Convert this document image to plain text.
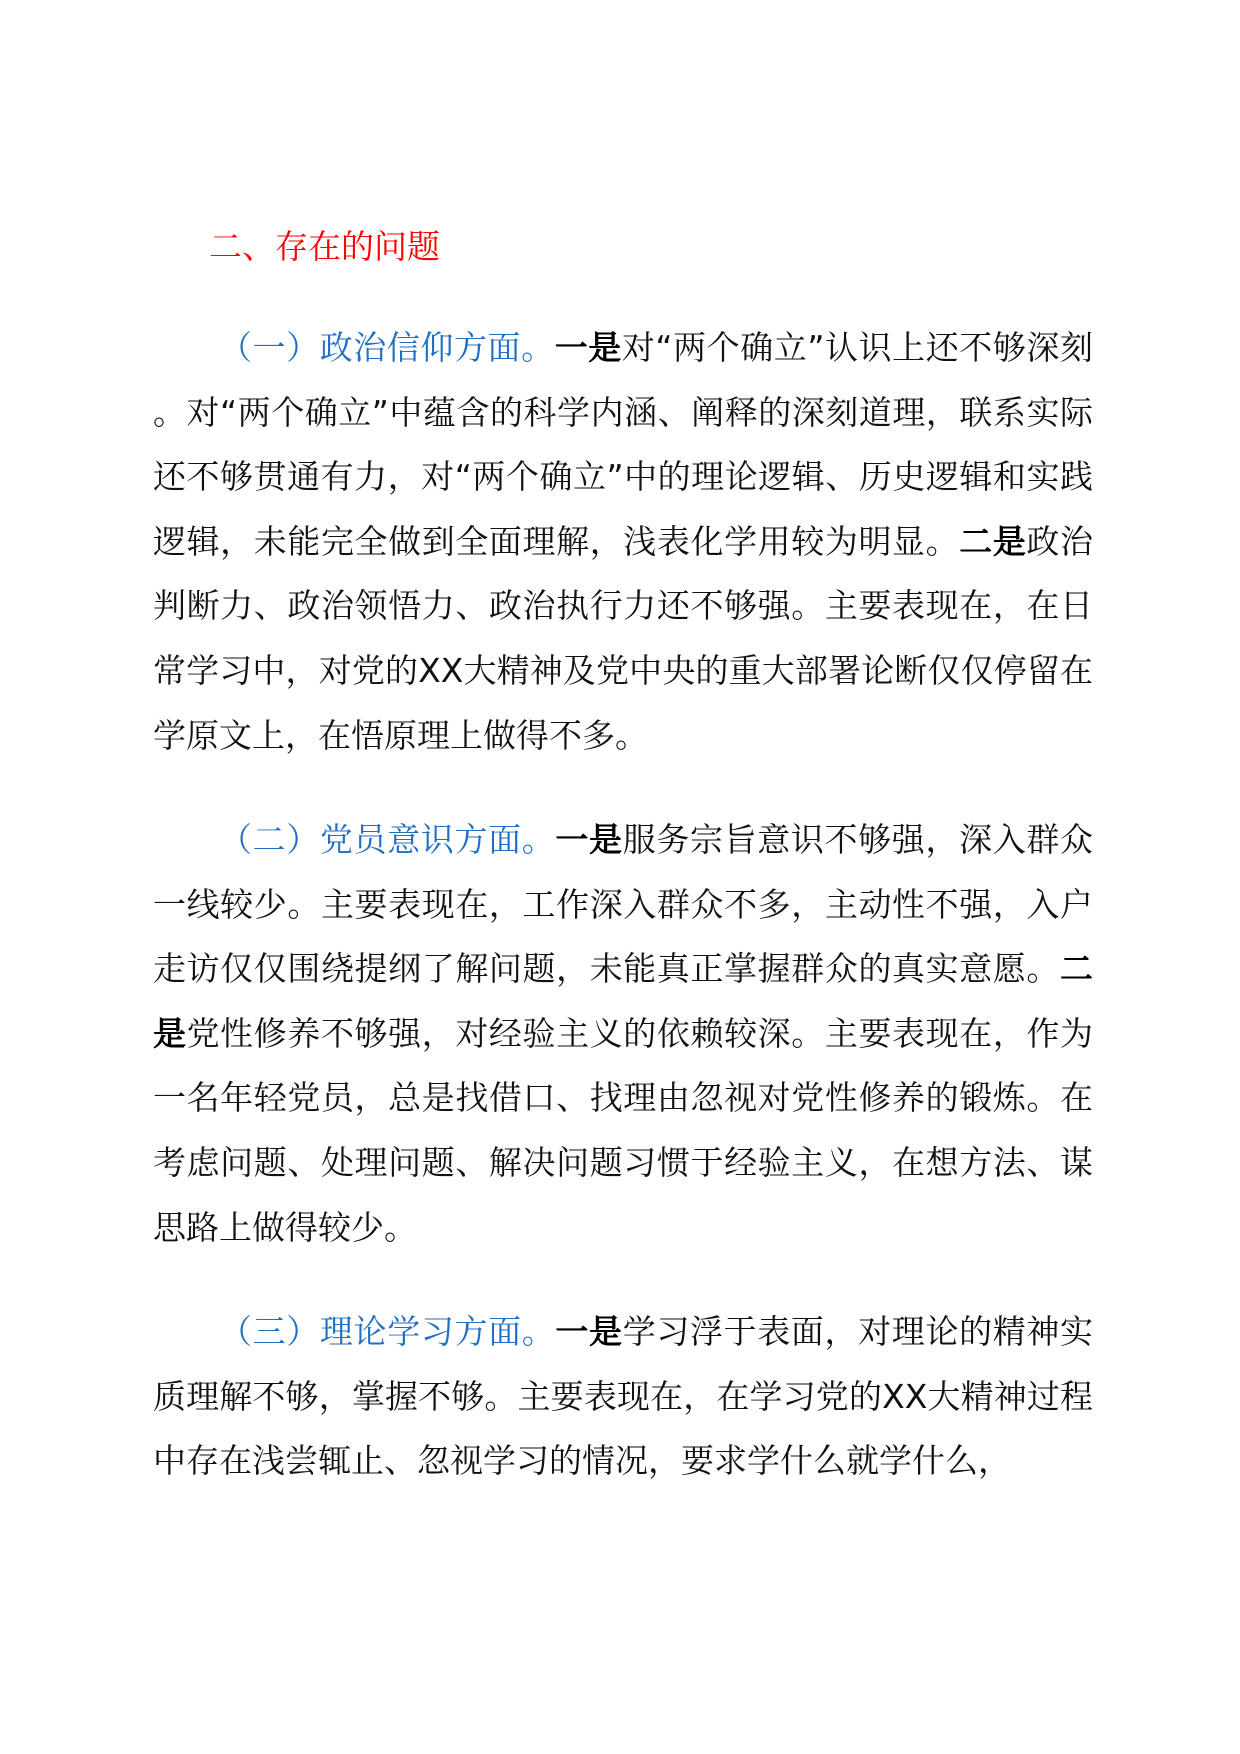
二、存在的问题

（一）政治信仰方面。一是对“两个确立”认识上还不够深刻。对“两个确立”中蕴含的科学内涵、阐释的深刻道理，联系实际还不够贯通有力，对“两个确立”中的理论逻辑、历史逻辑和实践逻辑，未能完全做到全面理解，浅表化学用较为明显。二是政治判断力、政治领悟力、政治执行力还不够强。主要表现在，在日常学习中，对党的XX大精神及党中央的重大部署论断仅仅停留在学原文上，在悟原理上做得不多。

（二）党员意识方面。一是服务宗旨意识不够强，深入群众一线较少。主要表现在，工作深入群众不多，主动性不强，入户走访仅仅围绕提纲了解问题，未能真正掌握群众的真实意愿。二是党性修养不够强，对经验主义的依赖较深。主要表现在，作为一名年轻党员，总是找借口、找理由忽视对党性修养的锻炼。在考虑问题、处理问题、解决问题习惯于经验主义，在想方法、谋思路上做得较少。

（三）理论学习方面。一是学习浮于表面，对理论的精神实质理解不够，掌握不够。主要表现在，在学习党的XX大精神过程中存在浅尝辄止、忽视学习的情况，要求学什么就学什么，
